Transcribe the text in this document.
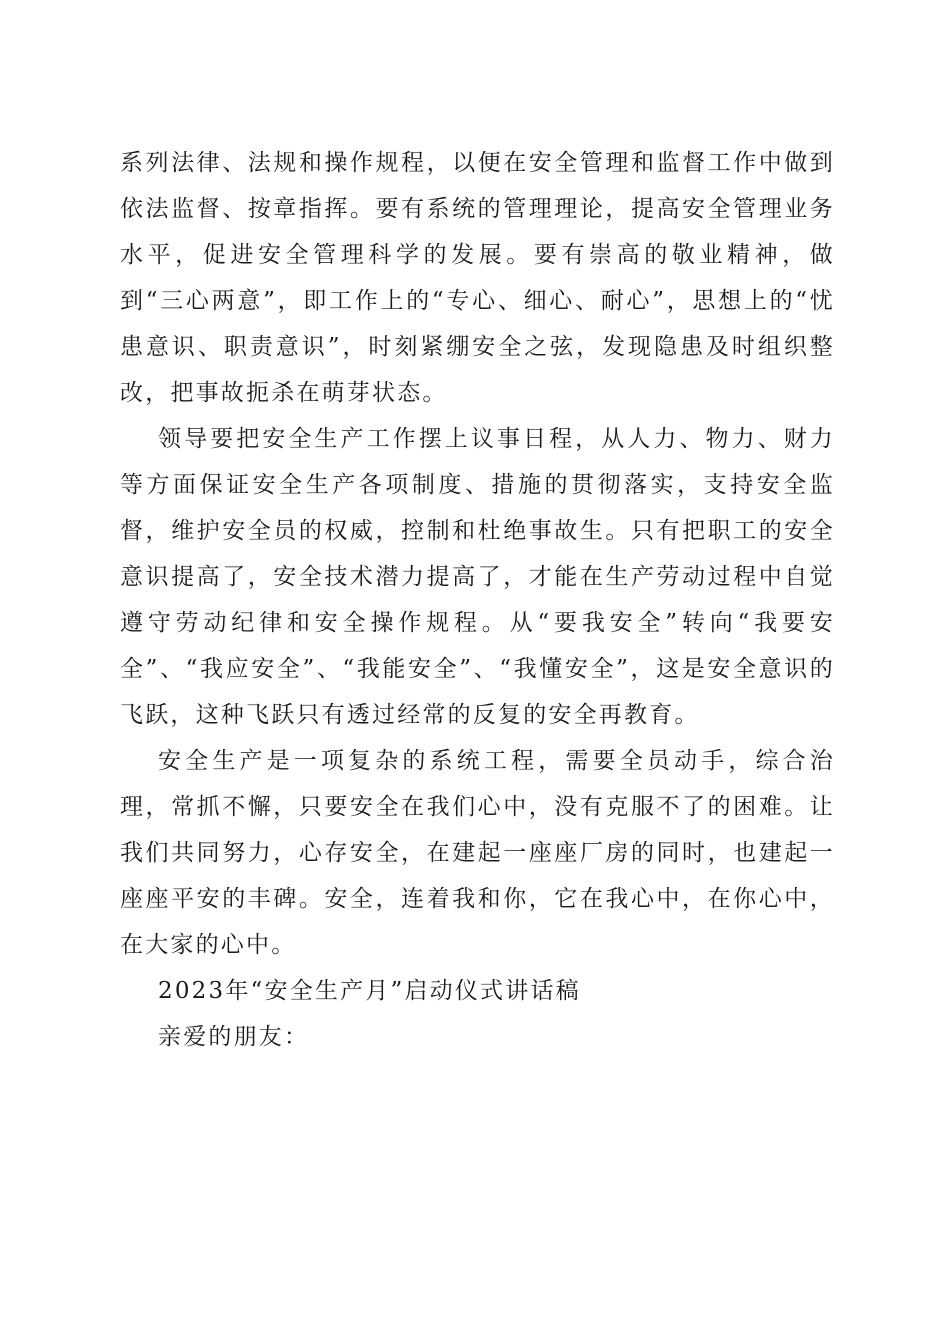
系列法律、法规和操作规程，以便在安全管理和监督工作中做到依法监督、按章指挥。要有系统的管理理论，提高安全管理业务水平，促进安全管理科学的发展。要有崇高的敬业精神，做到“三心两意”，即工作上的“专心、细心、耐心”，思想上的“忧患意识、职责意识”，时刻紧绷安全之弦，发现隐患及时组织整改，把事故扼杀在萌芽状态。

领导要把安全生产工作摆上议事日程，从人力、物力、财力等方面保证安全生产各项制度、措施的贯彻落实，支持安全监督，维护安全员的权威，控制和杜绝事故生。只有把职工的安全意识提高了，安全技术潜力提高了，才能在生产劳动过程中自觉遵守劳动纪律和安全操作规程。从“要我安全”转向“我要安全”、“我应安全”、“我能安全”、“我懂安全”，这是安全意识的飞跃，这种飞跃只有透过经常的反复的安全再教育。

安全生产是一项复杂的系统工程，需要全员动手，综合治理，常抓不懈，只要安全在我们心中，没有克服不了的困难。让我们共同努力，心存安全，在建起一座座厂房的同时，也建起一座座平安的丰碑。安全，连着我和你，它在我心中，在你心中，在大家的心中。

2023年“安全生产月”启动仪式讲话稿

亲爱的朋友：
